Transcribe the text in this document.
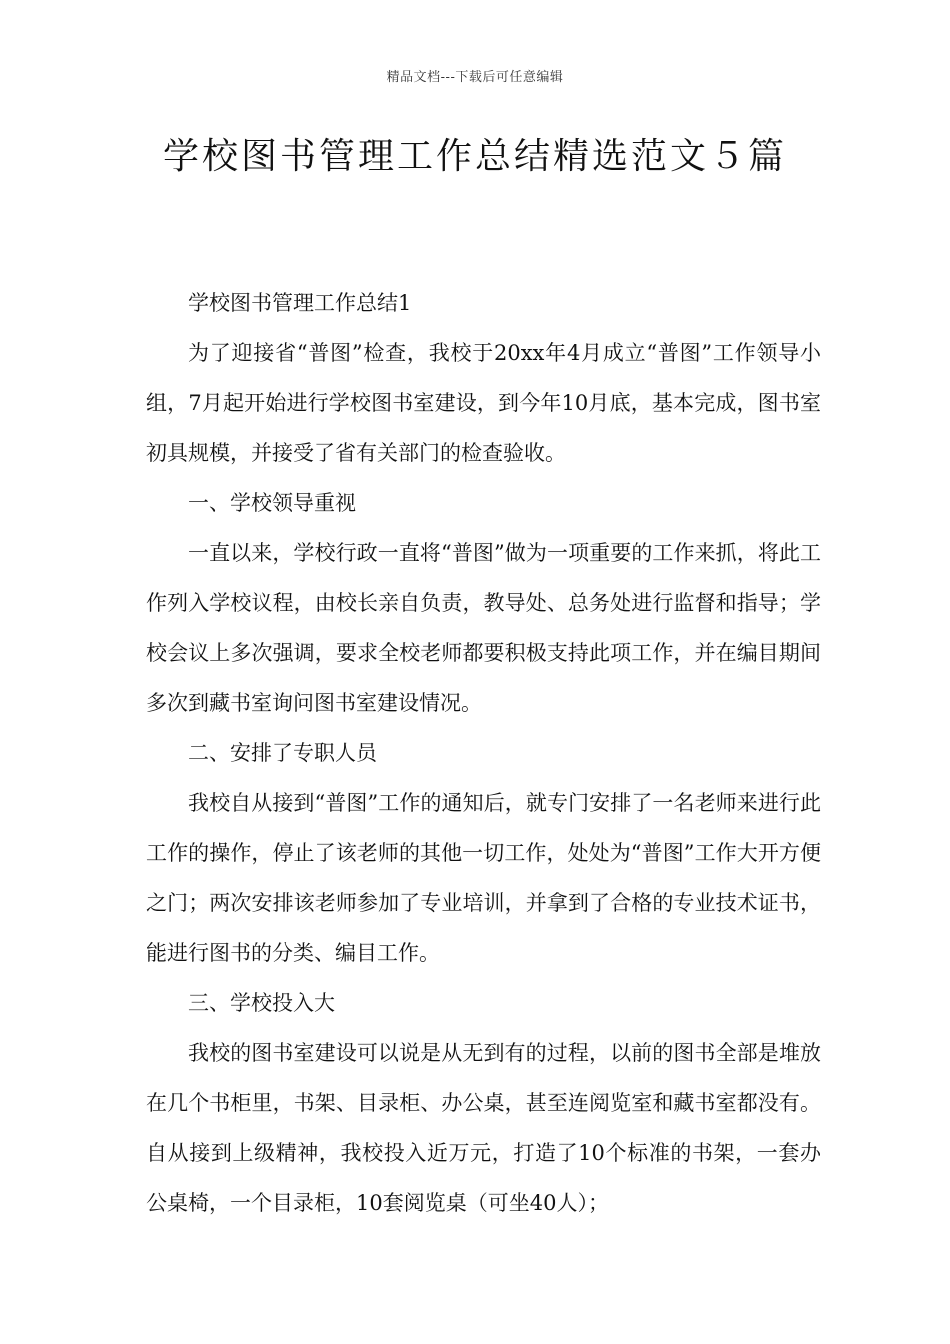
精品文档---下载后可任意编辑
学校图书管理工作总结精选范文５篇

学校图书管理工作总结1

为了迎接省“普图”检查，我校于20xx年4月成立“普图”工作领导小组，7月起开始进行学校图书室建设，到今年10月底，基本完成，图书室初具规模，并接受了省有关部门的检查验收。

一、学校领导重视

一直以来，学校行政一直将“普图”做为一项重要的工作来抓，将此工作列入学校议程，由校长亲自负责，教导处、总务处进行监督和指导；学校会议上多次强调，要求全校老师都要积极支持此项工作，并在编目期间多次到藏书室询问图书室建设情况。

二、安排了专职人员

我校自从接到“普图”工作的通知后，就专门安排了一名老师来进行此工作的操作，停止了该老师的其他一切工作，处处为“普图”工作大开方便之门；两次安排该老师参加了专业培训，并拿到了合格的专业技术证书，能进行图书的分类、编目工作。

三、学校投入大

我校的图书室建设可以说是从无到有的过程，以前的图书全部是堆放在几个书柜里，书架、目录柜、办公桌，甚至连阅览室和藏书室都没有。自从接到上级精神，我校投入近万元，打造了10个标准的书架，一套办公桌椅，一个目录柜，10套阅览桌（可坐40人）；
